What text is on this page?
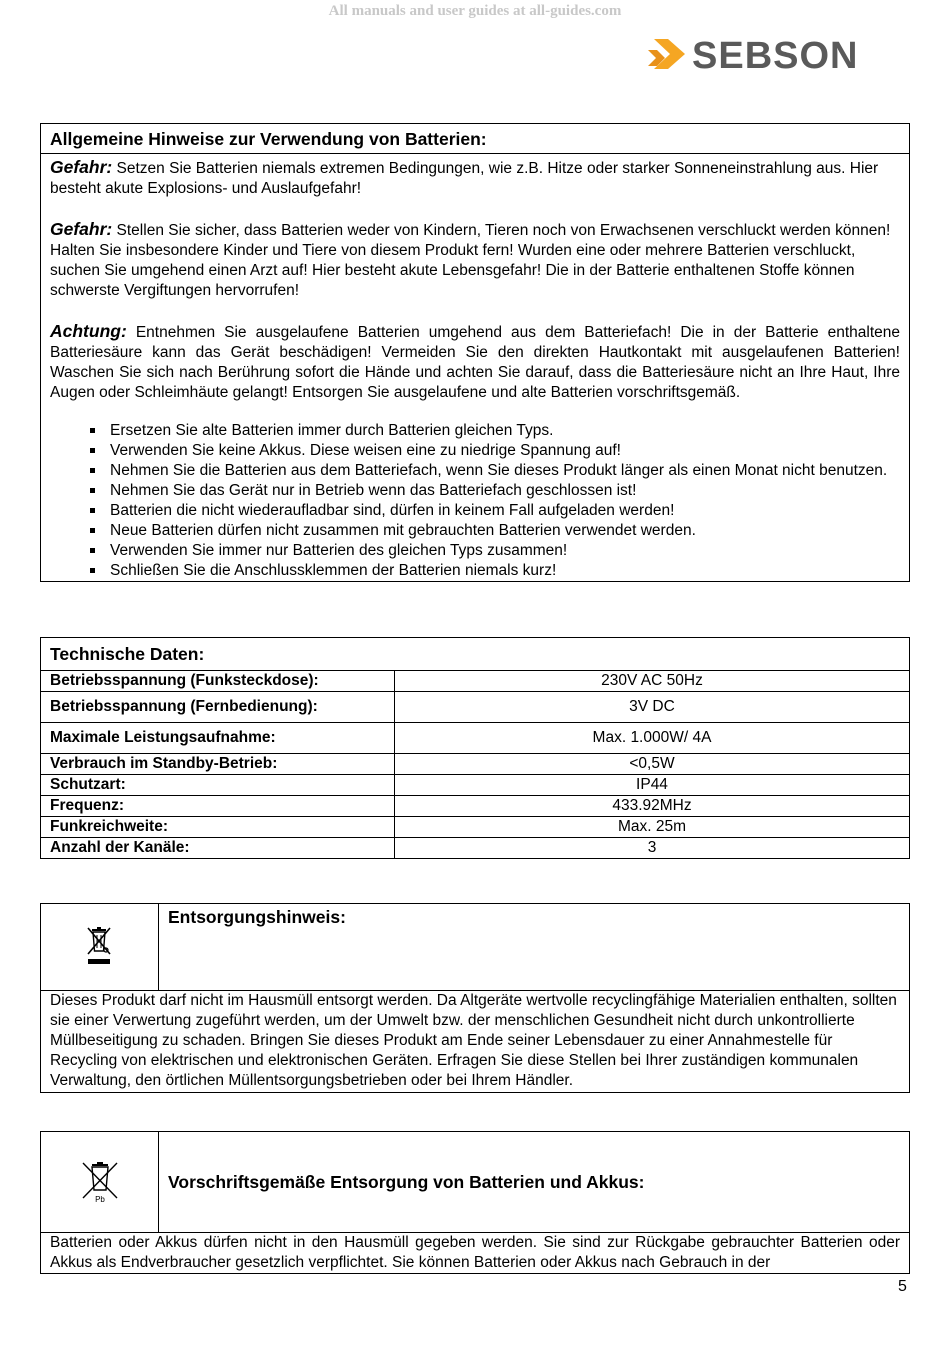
All manuals and user guides at all-guides.com
SEBSON
Allgemeine Hinweise zur Verwendung von Batterien:

Gefahr: Setzen Sie Batterien niemals extremen Bedingungen, wie z.B. Hitze oder starker Sonneneinstrahlung aus. Hier besteht akute Explosions- und Auslaufgefahr!

Gefahr: Stellen Sie sicher, dass Batterien weder von Kindern, Tieren noch von Erwachsenen verschluckt werden können! Halten Sie insbesondere Kinder und Tiere von diesem Produkt fern! Wurden eine oder mehrere Batterien verschluckt, suchen Sie umgehend einen Arzt auf! Hier besteht akute Lebensgefahr! Die in der Batterie enthaltenen Stoffe können schwerste Vergiftungen hervorrufen!

Achtung: Entnehmen Sie ausgelaufene Batterien umgehend aus dem Batteriefach! Die in der Batterie enthaltene Batteriesäure kann das Gerät beschädigen! Vermeiden Sie den direkten Hautkontakt mit ausgelaufenen Batterien! Waschen Sie sich nach Berührung sofort die Hände und achten Sie darauf, dass die Batteriesäure nicht an Ihre Haut, Ihre Augen oder Schleimhäute gelangt! Entsorgen Sie ausgelaufene und alte Batterien vorschriftsgemäß.

Ersetzen Sie alte Batterien immer durch Batterien gleichen Typs.
Verwenden Sie keine Akkus. Diese weisen eine zu niedrige Spannung auf!
Nehmen Sie die Batterien aus dem Batteriefach, wenn Sie dieses Produkt länger als einen Monat nicht benutzen.
Nehmen Sie das Gerät nur in Betrieb wenn das Batteriefach geschlossen ist!
Batterien die nicht wiederaufladbar sind, dürfen in keinem Fall aufgeladen werden!
Neue Batterien dürfen nicht zusammen mit gebrauchten Batterien verwendet werden.
Verwenden Sie immer nur Batterien des gleichen Typs zusammen!
Schließen Sie die Anschlussklemmen der Batterien niemals kurz!
Technische Daten:
Betriebsspannung (Funksteckdose):	230V AC 50Hz
Betriebsspannung (Fernbedienung):	3V DC
Maximale Leistungsaufnahme:	Max. 1.000W/ 4A
Verbrauch im Standby-Betrieb:	<0,5W
Schutzart:	IP44
Frequenz:	433.92MHz
Funkreichweite:	Max. 25m
Anzahl der Kanäle:	3
Entsorgungshinweis:
Dieses Produkt darf nicht im Hausmüll entsorgt werden. Da Altgeräte wertvolle recyclingfähige Materialien enthalten, sollten sie einer Verwertung zugeführt werden, um der Umwelt bzw. der menschlichen Gesundheit nicht durch unkontrollierte Müllbeseitigung zu schaden. Bringen Sie dieses Produkt am Ende seiner Lebensdauer zu einer Annahmestelle für Recycling von elektrischen und elektronischen Geräten. Erfragen Sie diese Stellen bei Ihrer zuständigen kommunalen Verwaltung, den örtlichen Müllentsorgungsbetrieben oder bei Ihrem Händler.
Pb
Vorschriftsgemäße Entsorgung von Batterien und Akkus:
Batterien oder Akkus dürfen nicht in den Hausmüll gegeben werden. Sie sind zur Rückgabe gebrauchter Batterien oder Akkus als Endverbraucher gesetzlich verpflichtet. Sie können Batterien oder Akkus nach Gebrauch in der
5
